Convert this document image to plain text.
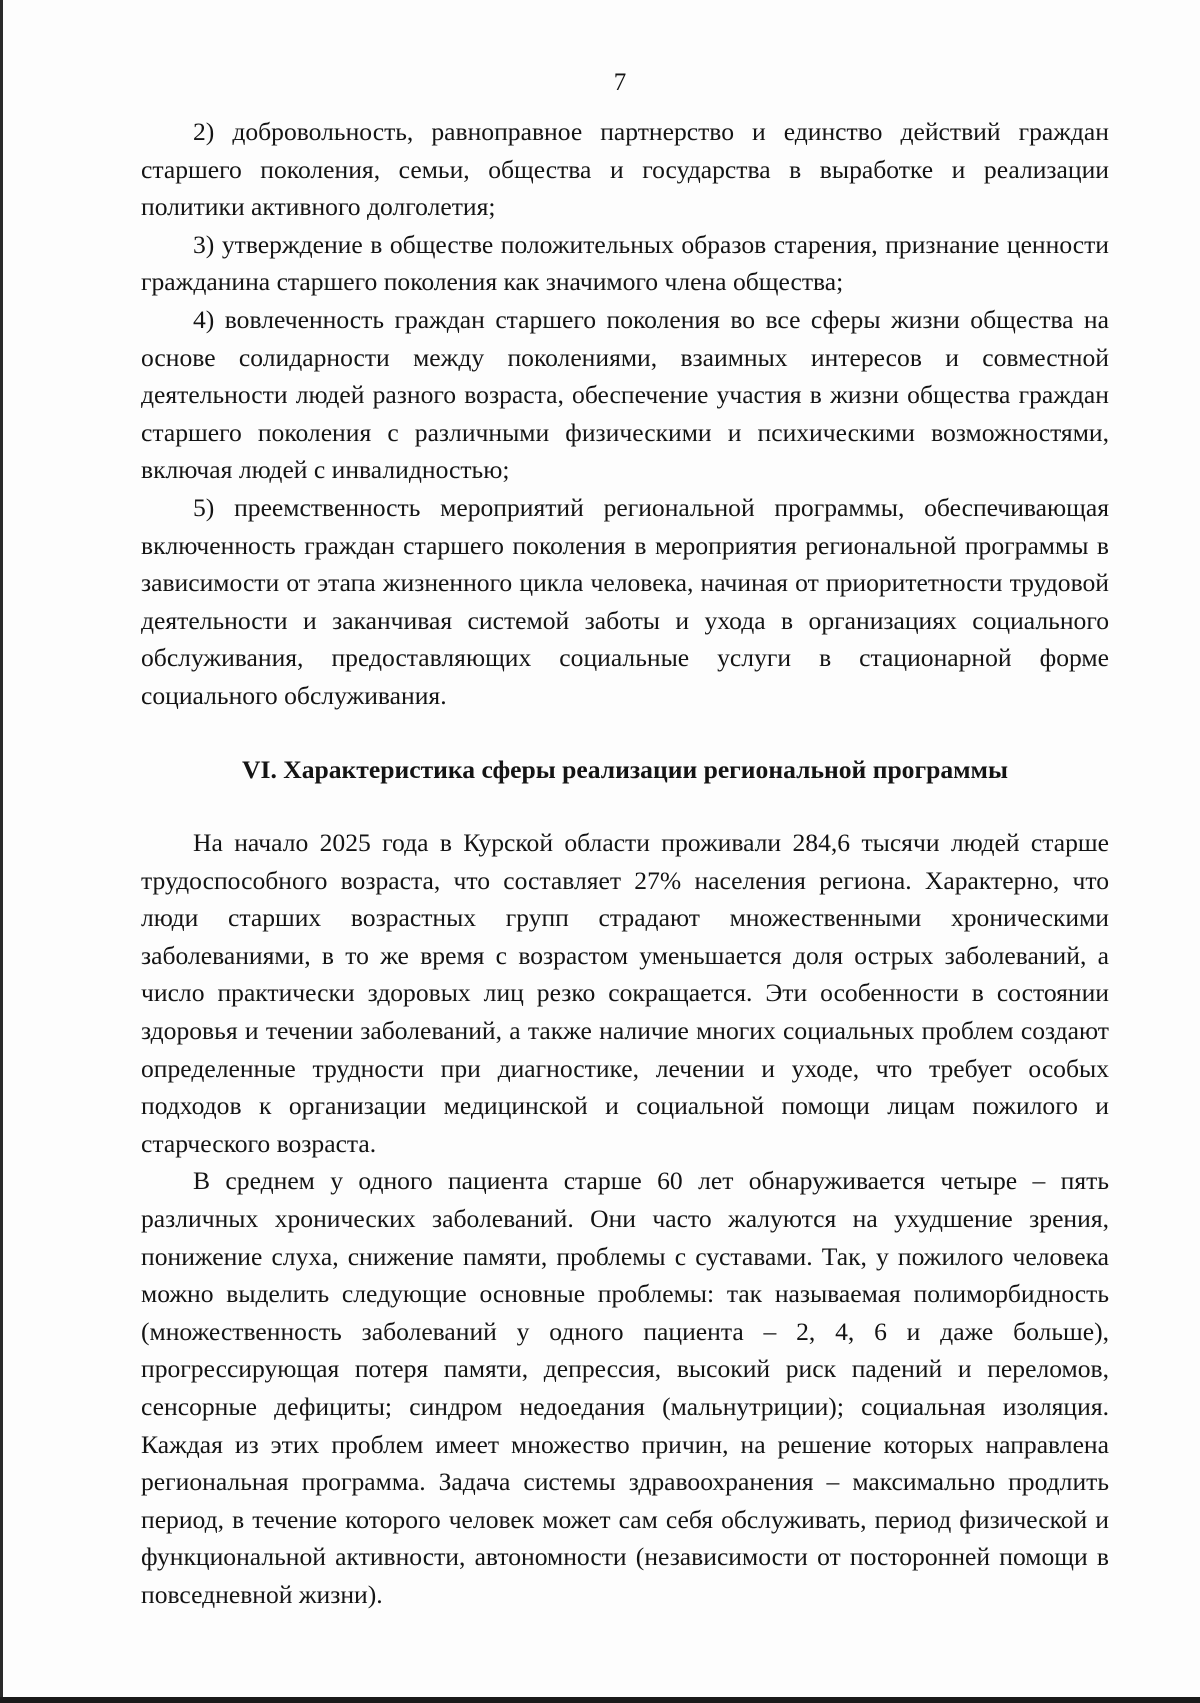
7

2) добровольность, равноправное партнерство и единство действий граждан старшего поколения, семьи, общества и государства в выработке и реализации политики активного долголетия;

3) утверждение в обществе положительных образов старения, признание ценности гражданина старшего поколения как значимого члена общества;

4) вовлеченность граждан старшего поколения во все сферы жизни общества на основе солидарности между поколениями, взаимных интересов и совместной деятельности людей разного возраста, обеспечение участия в жизни общества граждан старшего поколения с различными физическими и психическими возможностями, включая людей с инвалидностью;

5) преемственность мероприятий региональной программы, обеспечивающая включенность граждан старшего поколения в мероприятия региональной программы в зависимости от этапа жизненного цикла человека, начиная от приоритетности трудовой деятельности и заканчивая системой заботы и ухода в организациях социального обслуживания, предоставляющих социальные услуги в стационарной форме социального обслуживания.

VI. Характеристика сферы реализации региональной программы

На начало 2025 года в Курской области проживали 284,6 тысячи людей старше трудоспособного возраста, что составляет 27% населения региона. Характерно, что люди старших возрастных групп страдают множественными хроническими заболеваниями, в то же время с возрастом уменьшается доля острых заболеваний, а число практически здоровых лиц резко сокращается. Эти особенности в состоянии здоровья и течении заболеваний, а также наличие многих социальных проблем создают определенные трудности при диагностике, лечении и уходе, что требует особых подходов к организации медицинской и социальной помощи лицам пожилого и старческого возраста.

В среднем у одного пациента старше 60 лет обнаруживается четыре – пять различных хронических заболеваний. Они часто жалуются на ухудшение зрения, понижение слуха, снижение памяти, проблемы с суставами. Так, у пожилого человека можно выделить следующие основные проблемы: так называемая полиморбидность (множественность заболеваний у одного пациента – 2, 4, 6 и даже больше), прогрессирующая потеря памяти, депрессия, высокий риск падений и переломов, сенсорные дефициты; синдром недоедания (мальнутриции); социальная изоляция. Каждая из этих проблем имеет множество причин, на решение которых направлена региональная программа. Задача системы здравоохранения – максимально продлить период, в течение которого человек может сам себя обслуживать, период физической и функциональной активности, автономности (независимости от посторонней помощи в повседневной жизни).
